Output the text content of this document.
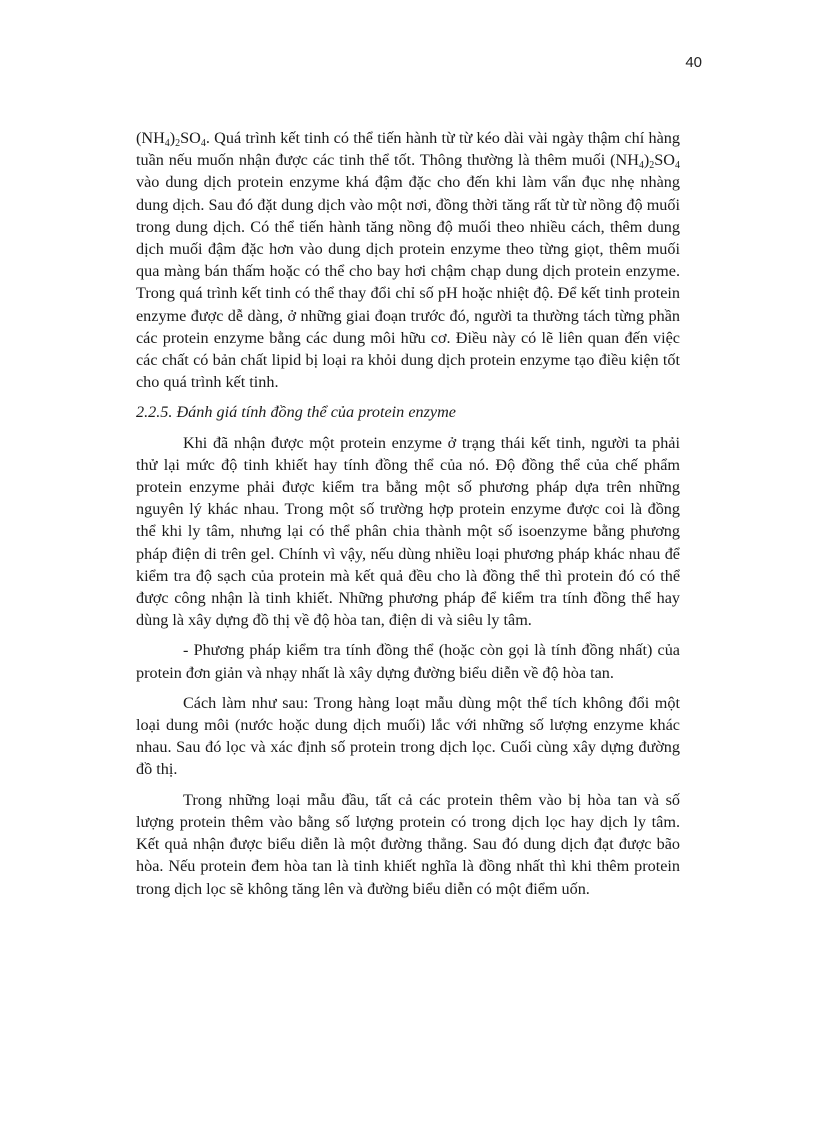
40

$(NH_4)_2SO_4$. Quá trình kết tinh có thể tiến hành từ từ kéo dài vài ngày thậm chí hàng tuần nếu muốn nhận được các tinh thể tốt. Thông thường là thêm muối $(NH_4)_2SO_4$ vào dung dịch protein enzyme khá đậm đặc cho đến khi làm vẩn đục nhẹ nhàng dung dịch. Sau đó đặt dung dịch vào một nơi, đồng thời tăng rất từ từ nồng độ muối trong dung dịch. Có thể tiến hành tăng nồng độ muối theo nhiều cách, thêm dung dịch muối đậm đặc hơn vào dung dịch protein enzyme theo từng giọt, thêm muối qua màng bán thấm hoặc có thể cho bay hơi chậm chạp dung dịch protein enzyme. Trong quá trình kết tinh có thể thay đổi chỉ số pH hoặc nhiệt độ. Để kết tinh protein enzyme được dễ dàng, ở những giai đoạn trước đó, người ta thường tách từng phần các protein enzyme bằng các dung môi hữu cơ. Điều này có lẽ liên quan đến việc các chất có bản chất lipid bị loại ra khỏi dung dịch protein enzyme tạo điều kiện tốt cho quá trình kết tinh.

2.2.5. Đánh giá tính đồng thể của protein enzyme

Khi đã nhận được một protein enzyme ở trạng thái kết tinh, người ta phải thử lại mức độ tinh khiết hay tính đồng thể của nó. Độ đồng thể của chế phẩm protein enzyme phải được kiểm tra bằng một số phương pháp dựa trên những nguyên lý khác nhau. Trong một số trường hợp protein enzyme được coi là đồng thể khi ly tâm, nhưng lại có thể phân chia thành một số isoenzyme bằng phương pháp điện di trên gel. Chính vì vậy, nếu dùng nhiều loại phương pháp khác nhau để kiểm tra độ sạch của protein mà kết quả đều cho là đồng thể thì protein đó có thể được công nhận là tinh khiết. Những phương pháp để kiểm tra tính đồng thể hay dùng là xây dựng đồ thị về độ hòa tan, điện di và siêu ly tâm.

- Phương pháp kiểm tra tính đồng thể (hoặc còn gọi là tính đồng nhất) của protein đơn giản và nhạy nhất là xây dựng đường biểu diễn về độ hòa tan.

Cách làm như sau: Trong hàng loạt mẫu dùng một thể tích không đổi một loại dung môi (nước hoặc dung dịch muối) lắc với những số lượng enzyme khác nhau. Sau đó lọc và xác định số protein trong dịch lọc. Cuối cùng xây dựng đường đồ thị.

Trong những loại mẫu đầu, tất cả các protein thêm vào bị hòa tan và số lượng protein thêm vào bằng số lượng protein có trong dịch lọc hay dịch ly tâm. Kết quả nhận được biểu diễn là một đường thẳng. Sau đó dung dịch đạt được bão hòa. Nếu protein đem hòa tan là tinh khiết nghĩa là đồng nhất thì khi thêm protein trong dịch lọc sẽ không tăng lên và đường biểu diễn có một điểm uốn.
